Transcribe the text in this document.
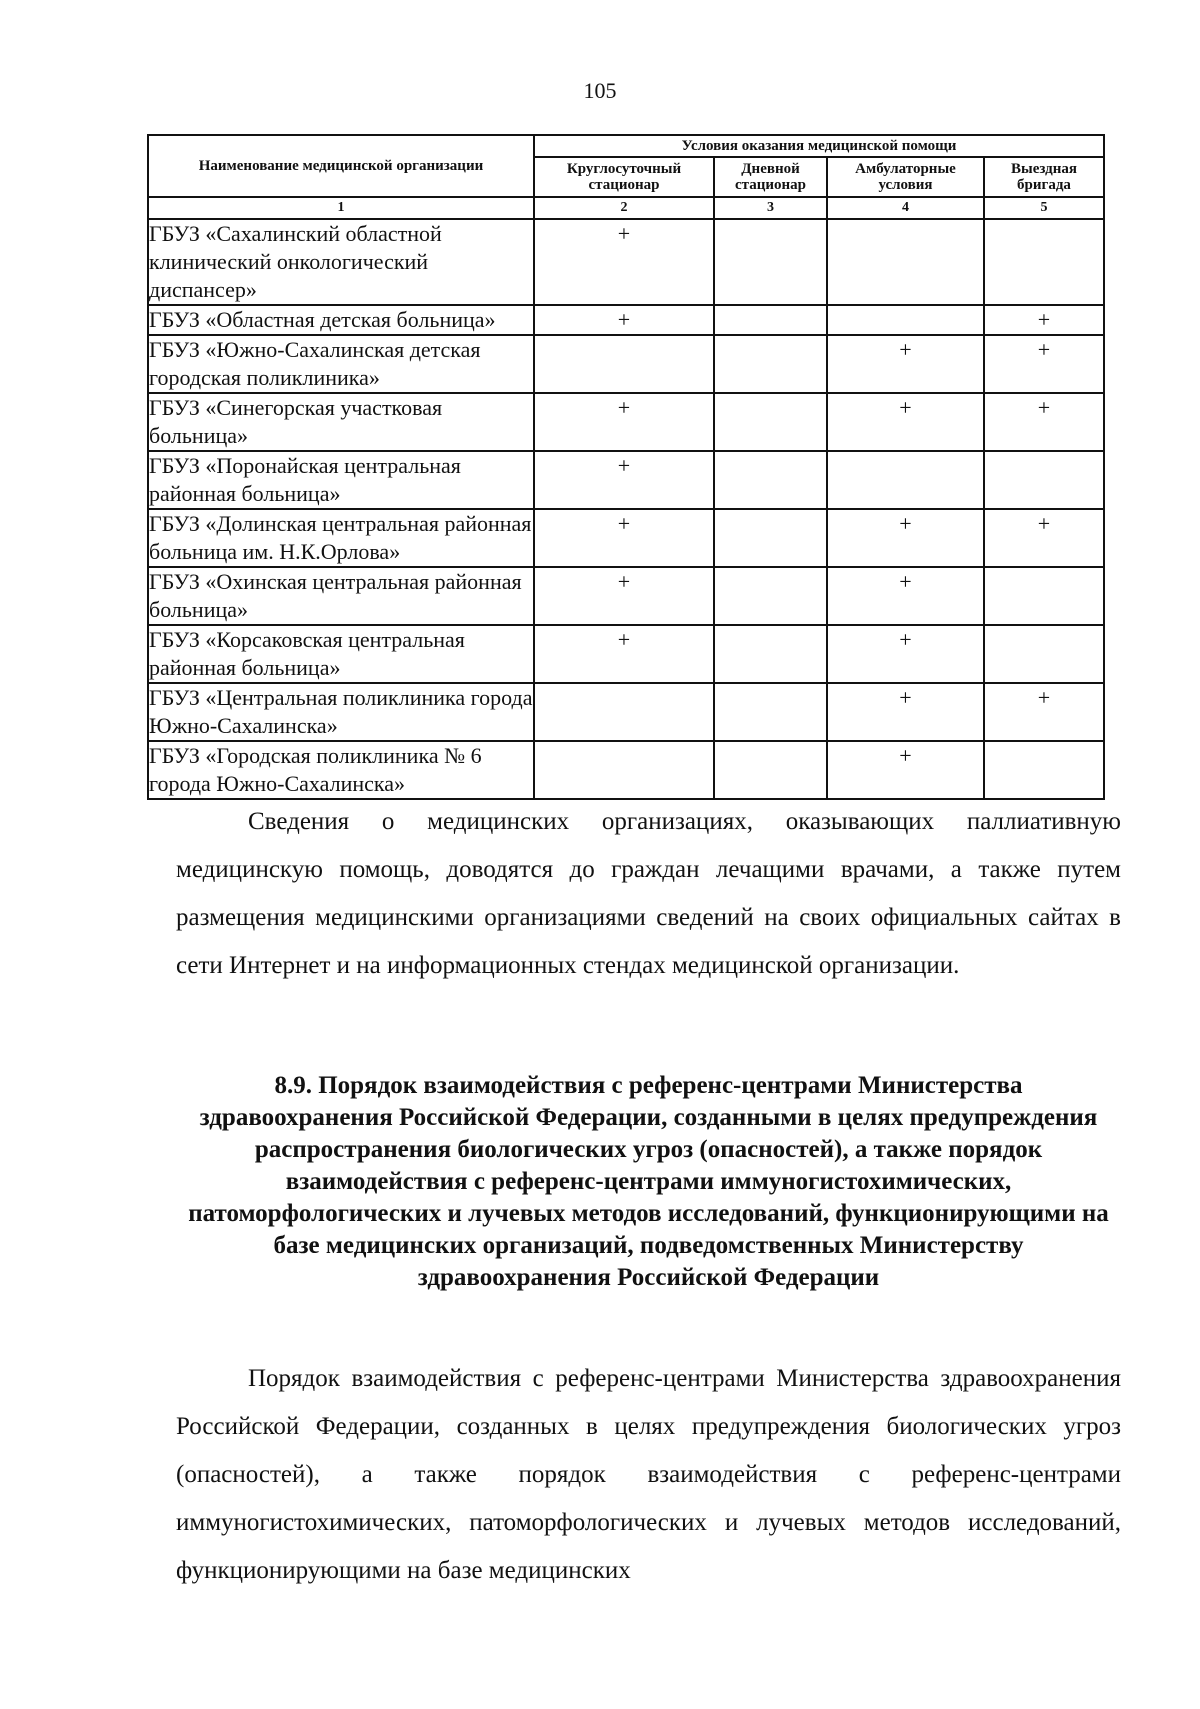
105
Наименование медицинской организации	Условия оказания медицинской помощи			
	Круглосуточный стационар	Дневной стационар	Амбулаторные условия	Выездная бригада
1	2	3	4	5
ГБУЗ «Сахалинский областной клинический онкологический диспансер»	+			
ГБУЗ «Областная детская больница»	+			+
ГБУЗ «Южно-Сахалинская детская городская поликлиника»			+	+
ГБУЗ «Синегорская участковая больница»	+		+	+
ГБУЗ «Поронайская центральная районная больница»	+			
ГБУЗ «Долинская центральная районная больница им. Н.К.Орлова»	+		+	+
ГБУЗ «Охинская центральная районная больница»	+		+	
ГБУЗ «Корсаковская центральная районная больница»	+		+	
ГБУЗ «Центральная поликлиника города Южно-Сахалинска»			+	+
ГБУЗ «Городская поликлиника № 6 города Южно-Сахалинска»			+	
Сведения о медицинских организациях, оказывающих паллиативную медицинскую помощь, доводятся до граждан лечащими врачами, а также путем размещения медицинскими организациями сведений на своих официальных сайтах в сети Интернет и на информационных стендах медицинской организации.
8.9. Порядок взаимодействия с референс-центрами Министерства здравоохранения Российской Федерации, созданными в целях предупреждения распространения биологических угроз (опасностей), а также порядок взаимодействия с референс-центрами иммуногистохимических, патоморфологических и лучевых методов исследований, функционирующими на базе медицинских организаций, подведомственных Министерству здравоохранения Российской Федерации
Порядок взаимодействия с референс-центрами Министерства здравоохранения Российской Федерации, созданных в целях предупреждения биологических угроз (опасностей), а также порядок взаимодействия с референс-центрами иммуногистохимических, патоморфологических и лучевых методов исследований, функционирующими на базе медицинских
